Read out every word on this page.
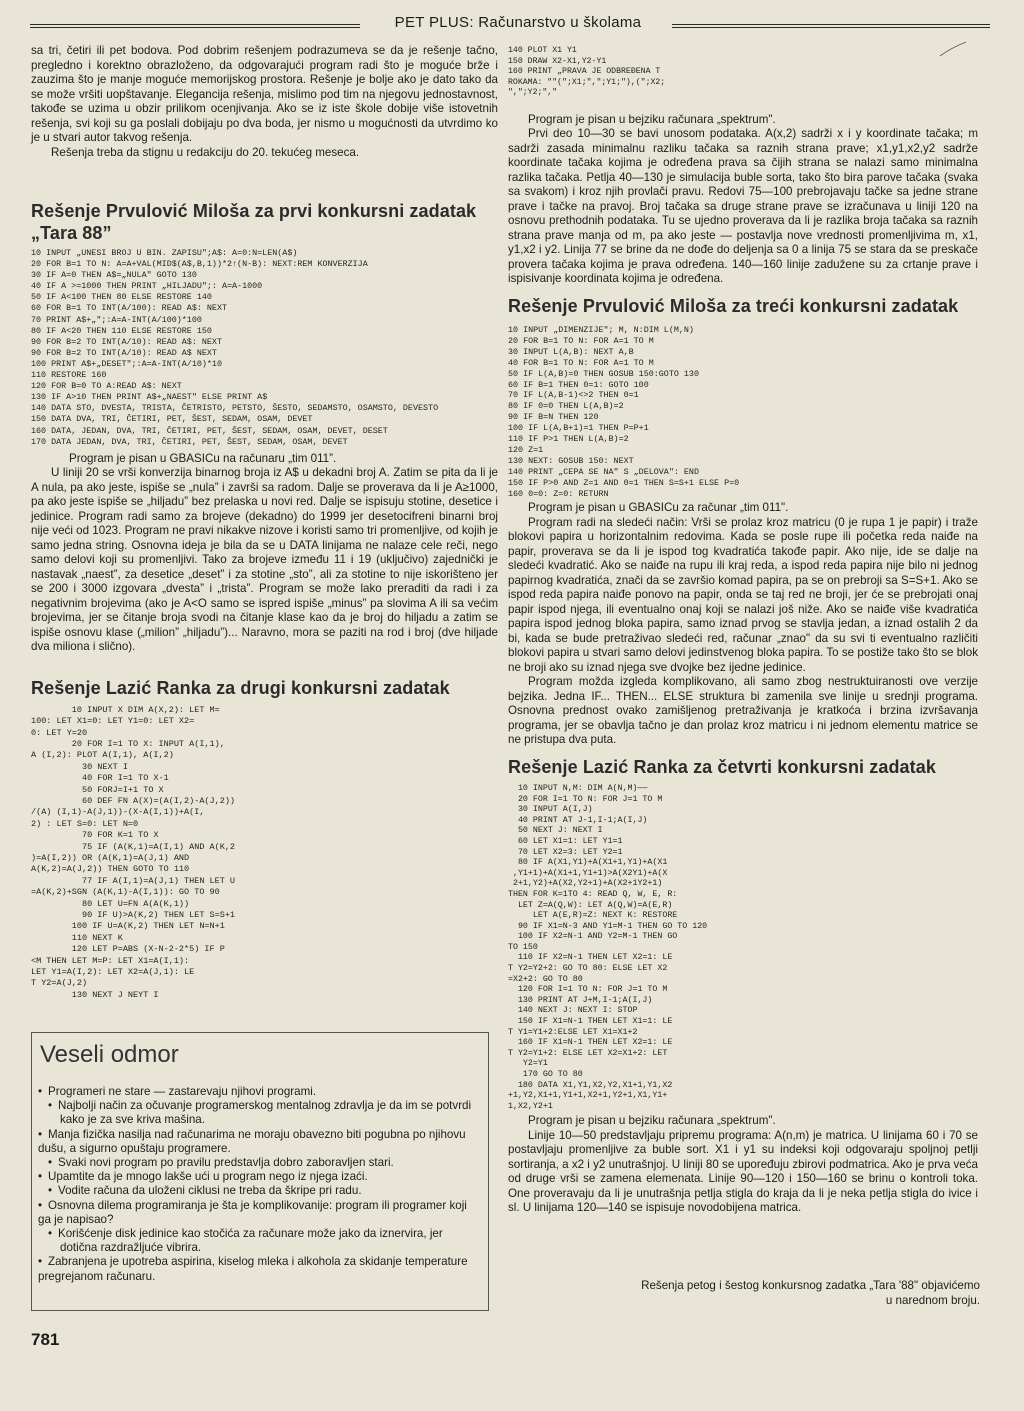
PET PLUS: Računarstvo u školama

sa tri, četiri ili pet bodova. Pod dobrim rešenjem podrazumeva se da je rešenje tačno, pregledno i korektno obrazloženo, da odgovarajući program radi što je moguće brže i zauzima što je manje moguće memorijskog prostora. Rešenje je bolje ako je dato tako da se može vršiti uopštavanje. Elegancija rešenja, mislimo pod tim na njegovu jednostavnost, takođe se uzima u obzir prilikom ocenjivanja. Ako se iz iste škole dobije više istovetnih rešenja, svi koji su ga poslali dobijaju po dva boda, jer nismo u mogućnosti da utvrdimo ko je u stvari autor takvog rešenja.

Rešenja treba da stignu u redakciju do 20. tekućeg meseca.

Rešenje Prvulović Miloša za prvi konkursni zadatak „Tara 88”
10 INPUT „UNESI BROJ U BIN. ZAPISU";A$: A=0:N=LEN(A$)
20 FOR B=1 TO N: A=A+VAL(MID$(A$,B,1))*2↑(N-B): NEXT:REM KONVERZIJA
30 IF A=0 THEN A$=„NULA" GOTO 130
40 IF A >=1000 THEN PRINT „HILJADU";: A=A-1000
50 IF A<100 THEN 80 ELSE RESTORE 140
60 FOR B=1 TO INT(A/100): READ A$: NEXT
70 PRINT A$+„";:A=A-INT(A/100)*100
80 IF A<20 THEN 110 ELSE RESTORE 150
90 FOR B=2 TO INT(A/10): READ A$: NEXT
90 FOR B=2 TO INT(A/10): READ A$ NEXT
100 PRINT A$+„DESET";:A=A-INT(A/10)*10
110 RESTORE 160
120 FOR B=0 TO A:READ A$: NEXT
130 IF A>10 THEN PRINT A$+„NAEST" ELSE PRINT A$
140 DATA STO, DVESTA, TRISTA, ČETRISTO, PETSTO, ŠESTO, SEDAMSTO, OSAMSTO, DEVESTO
150 DATA DVA, TRI, ČETIRI, PET, ŠEST, SEDAM, OSAM, DEVET
160 DATA, JEDAN, DVA, TRI, ČETIRI, PET, ŠEST, SEDAM, OSAM, DEVET, DESET
170 DATA JEDAN, DVA, TRI, ČETIRI, PET, ŠEST, SEDAM, OSAM, DEVET

Program je pisan u GBASICu na računaru „tim 011”.

U liniji 20 se vrši konverzija binarnog broja iz A$ u dekadni broj A. Zatim se pita da li je A nula, pa ako jeste, ispiše se „nula” i završi sa radom. Dalje se proverava da li je A≥1000, pa ako jeste ispiše se „hiljadu” bez prelaska u novi red. Dalje se ispisuju stotine, desetice i jedinice. Program radi samo za brojeve (dekadno) do 1999 jer desetocifreni binarni broj nije veći od 1023. Program ne pravi nikakve nizove i koristi samo tri promenljive, od kojih je samo jedna string. Osnovna ideja je bila da se u DATA linijama ne nalaze cele reči, nego samo delovi koji su promenljivi. Tako za brojeve između 11 i 19 (uključivo) zajednički je nastavak „naest”, za desetice „deset” i za stotine „sto”, ali za stotine to nije iskorišteno jer se 200 i 3000 izgovara „dvesta” i „trista”. Program se može lako preraditi da radi i za negativnim brojevima (ako je A<O samo se ispred ispiše „minus” pa slovima A ili sa većim brojevima, jer se čitanje broja svodi na čitanje klase kao da je broj do hiljadu a zatim se ispiše osnovu klase („milion” „hiljadu”)... Naravno, mora se paziti na rod i broj (dve hiljade dva miliona i slično).

Rešenje Lazić Ranka za drugi konkursni zadatak
10 INPUT X DIM A(X,2): LET M=
100: LET X1=0: LET Y1=0: LET X2=
0: LET Y=20
20 FOR I=1 TO X: INPUT A(I,1),
A (I,2): PLOT A(I,1), A(I,2)
30 NEXT I
40 FOR I=1 TO X-1
50 FORJ=I+1 TO X
60 DEF FN A(X)=(A(I,2)-A(J,2))
/(A) (I,1)-A(J,1))-(X-A(I,1))+A(I,
2) : LET S=0: LET N=0
70 FOR K=1 TO X
75 IF (A(K,1)=A(I,1) AND A(K,2
)=A(I,2)) OR (A(K,1)=A(J,1) AND
A(K,2)=A(J,2)) THEN GOTO TO 110
77 IF A(I,1)=A(J,1) THEN LET U
=A(K,2)+SGN (A(K,1)-A(I,1)): GO TO 90
80 LET U=FN A(A(K,1))
90 IF U)>A(K,2) THEN LET S=S+1
100 IF U=A(K,2) THEN LET N=N+1
110 NEXT K
120 LET P=ABS (X-N-2-2*5) IF P
<M THEN LET M=P: LET X1=A(I,1):
LET Y1=A(I,2): LET X2=A(J,1): LE
T Y2=A(J,2)
130 NEXT J NEYT I
Veseli odmor
• Programeri ne stare — zastarevaju njihovi programi.
• Najbolji način za očuvanje programerskog mentalnog zdravlja je da im se potvrdi kako je za sve kriva mašina.
• Manja fizička nasilja nad računarima ne moraju obavezno biti pogubna po njihovu dušu, a sigurno opuštaju programere.
• Svaki novi program po pravilu predstavlja dobro zaboravljen stari.
• Upamtite da je mnogo lakše ući u program nego iz njega izaći.
• Vodite računa da uloženi ciklusi ne treba da škripe pri radu.
• Osnovna dilema programiranja je šta je komplikovanije: program ili programer koji ga je napisao?
• Korišćenje disk jedinice kao stočića za računare može jako da iznervira, jer dotična razdražljuće vibrira.
• Zabranjena je upotreba aspirina, kiselog mleka i alkohola za skidanje temperature pregrejanom računaru.
781
140 PLOT X1 Y1
150 DRAW X2-X1,Y2-Y1
160 PRINT „PRAVA JE ODBREĐENA T
ROKAMA: ""(";X1;",";Y1;"),(";X2;
",";Y2;","

Program je pisan u bejziku računara „spektrum".

Prvi deo 10—30 se bavi unosom podataka. A(x,2) sadrži x i y koordinate tačaka; m sadrži zasada minimalnu razliku tačaka sa raznih strana prave; x1,y1,x2,y2 sadrže koordinate tačaka kojima je određena prava sa čijih strana se nalazi samo minimalna razlika tačaka. Petlja 40—130 je simulacija buble sorta, tako što bira parove tačaka (svaka sa svakom) i kroz njih provlači pravu. Redovi 75—100 prebrojavaju tačke sa jedne strane prave i tačke na pravoj. Broj tačaka sa druge strane prave se izračunava u liniji 120 na osnovu prethodnih podataka. Tu se ujedno proverava da li je razlika broja tačaka sa raznih strana prave manja od m, pa ako jeste — postavlja nove vrednosti promenljivima m, x1, y1,x2 i y2. Linija 77 se brine da ne dođe do deljenja sa 0 a linija 75 se stara da se preskače provera tačaka kojima je prava određena. 140—160 linije zadužene su za crtanje prave i ispisivanje koordinata kojima je određena.

Rešenje Prvulović Miloša za treći konkursni zadatak
10 INPUT „DIMENZIJE"; M, N:DIM L(M,N)
20 FOR B=1 TO N: FOR A=1 TO M
30 INPUT L(A,B): NEXT A,B
40 FOR B=1 TO N: FOR A=1 TO M
50 IF L(A,B)=0 THEN GOSUB 150:GOTO 130
60 IF B=1 THEN 0=1: GOTO 100
70 IF L(A,B-1)<>2 THEN 0=1
80 IF 0=0 THEN L(A,B)=2
90 IF B=N THEN 120
100 IF L(A,B+1)=1 THEN P=P+1
110 IF P>1 THEN L(A,B)=2
120 Z=1
130 NEXT: GOSUB 150: NEXT
140 PRINT „CEPA SE NA" S „DELOVA": END
150 IF P>0 AND Z=1 AND 0=1 THEN S=S+1 ELSE P=0
160 0=0: Z=0: RETURN

Program je pisan u GBASICu za računar „tim 011".

Program radi na sledeći način: Vrši se prolaz kroz matricu (0 je rupa 1 je papir) i traže blokovi papira u horizontalnim redovima. Kada se posle rupe ili početka reda naiđe na papir, proverava se da li je ispod tog kvadratića takođe papir. Ako nije, ide se dalje na sledeći kvadratić. Ako se naiđe na rupu ili kraj reda, a ispod reda papira nije bilo ni jednog papirnog kvadratića, znači da se završio komad papira, pa se on prebroji sa S=S+1. Ako se ispod reda papira naiđe ponovo na papir, onda se taj red ne broji, jer će se prebrojati onaj papir ispod njega, ili eventualno onaj koji se nalazi još niže. Ako se naiđe više kvadratića papira ispod jednog bloka papira, samo iznad prvog se stavlja jedan, a iznad ostalih 2 da bi, kada se bude pretraživao sledeći red, računar „znao" da su svi ti eventualno različiti blokovi papira u stvari samo delovi jedinstvenog bloka papira. To se postiže tako što se blok ne broji ako su iznad njega sve dvojke bez ijedne jedinice.

Program možda izgleda komplikovano, ali samo zbog nestruktuiranosti ove verzije bejzika. Jedna IF... THEN... ELSE struktura bi zamenila sve linije u srednji programa. Osnovna prednost ovako zamišljenog pretraživanja je kratkoća i brzina izvršavanja programa, jer se obavlja tačno je dan prolaz kroz matricu i ni jednom elementu matrice se ne pristupa dva puta.

Rešenje Lazić Ranka za četvrti konkursni zadatak
10 INPUT N,M: DIM A(N,M)——
20 FOR I=1 TO N: FOR J=1 TO M
30 INPUT A(I,J)
40 PRINT AT J-1,I-1;A(I,J)
50 NEXT J: NEXT I
60 LET X1=1: LET Y1=1
70 LET X2=3: LET Y2=1
80 IF A(X1,Y1)+A(X1+1,Y1)+A(X1
,Y1+1)+A(X1+1,Y1+1)>A(X2Y1)+A(X
2+1,Y2)+A(X2,Y2+1)+A(X2+1Y2+1)
THEN FOR K=1TO 4: READ Q, W, E, R:
LET Z=A(Q,W): LET A(Q,W)=A(E,R)
LET A(E,R)=Z: NEXT K: RESTORE
90 IF X1=N-3 AND Y1=M-1 THEN GO TO 120
100 IF X2=N-1 AND Y2=M-1 THEN GO
TO 150
110 IF X2=N-1 THEN LET X2=1: LE
T Y2=Y2+2: GO TO 80: ELSE LET X2
=X2+2: GO TO 80
120 FOR I=1 TO N: FOR J=1 TO M
130 PRINT AT J+M,I-1;A(I,J)
140 NEXT J: NEXT I: STOP
150 IF X1=N-1 THEN LET X1=1: LE
T Y1=Y1+2:ELSE LET X1=X1+2
160 IF X1=N-1 THEN LET X2=1: LE
T Y2=Y1+2: ELSE LET X2=X1+2: LET
Y2=Y1
170 GO TO 80
180 DATA X1,Y1,X2,Y2,X1+1,Y1,X2
+1,Y2,X1+1,Y1+1,X2+1,Y2+1,X1,Y1+
1,X2,Y2+1

Program je pisan u bejziku računara „spektrum".

Linije 10—50 predstavljaju pripremu programa: A(n,m) je matrica. U linijama 60 i 70 se postavljaju promenljive za buble sort. X1 i y1 su indeksi koji odgovaraju spoljnoj petlji sortiranja, a x2 i y2 unutrašnjoj. U liniji 80 se upoređuju zbirovi podmatrica. Ako je prva veća od druge vrši se zamena elemenata. Linije 90—120 i 150—160 se brinu o kontroli toka. One proveravaju da li je unutrašnja petlja stigla do kraja da li je neka petlja stigla do ivice i sl. U linijama 120—140 se ispisuje novodobijena matrica.

Rešenja petog i šestog konkursnog zadatka „Tara '88" objavićemo u narednom broju.
